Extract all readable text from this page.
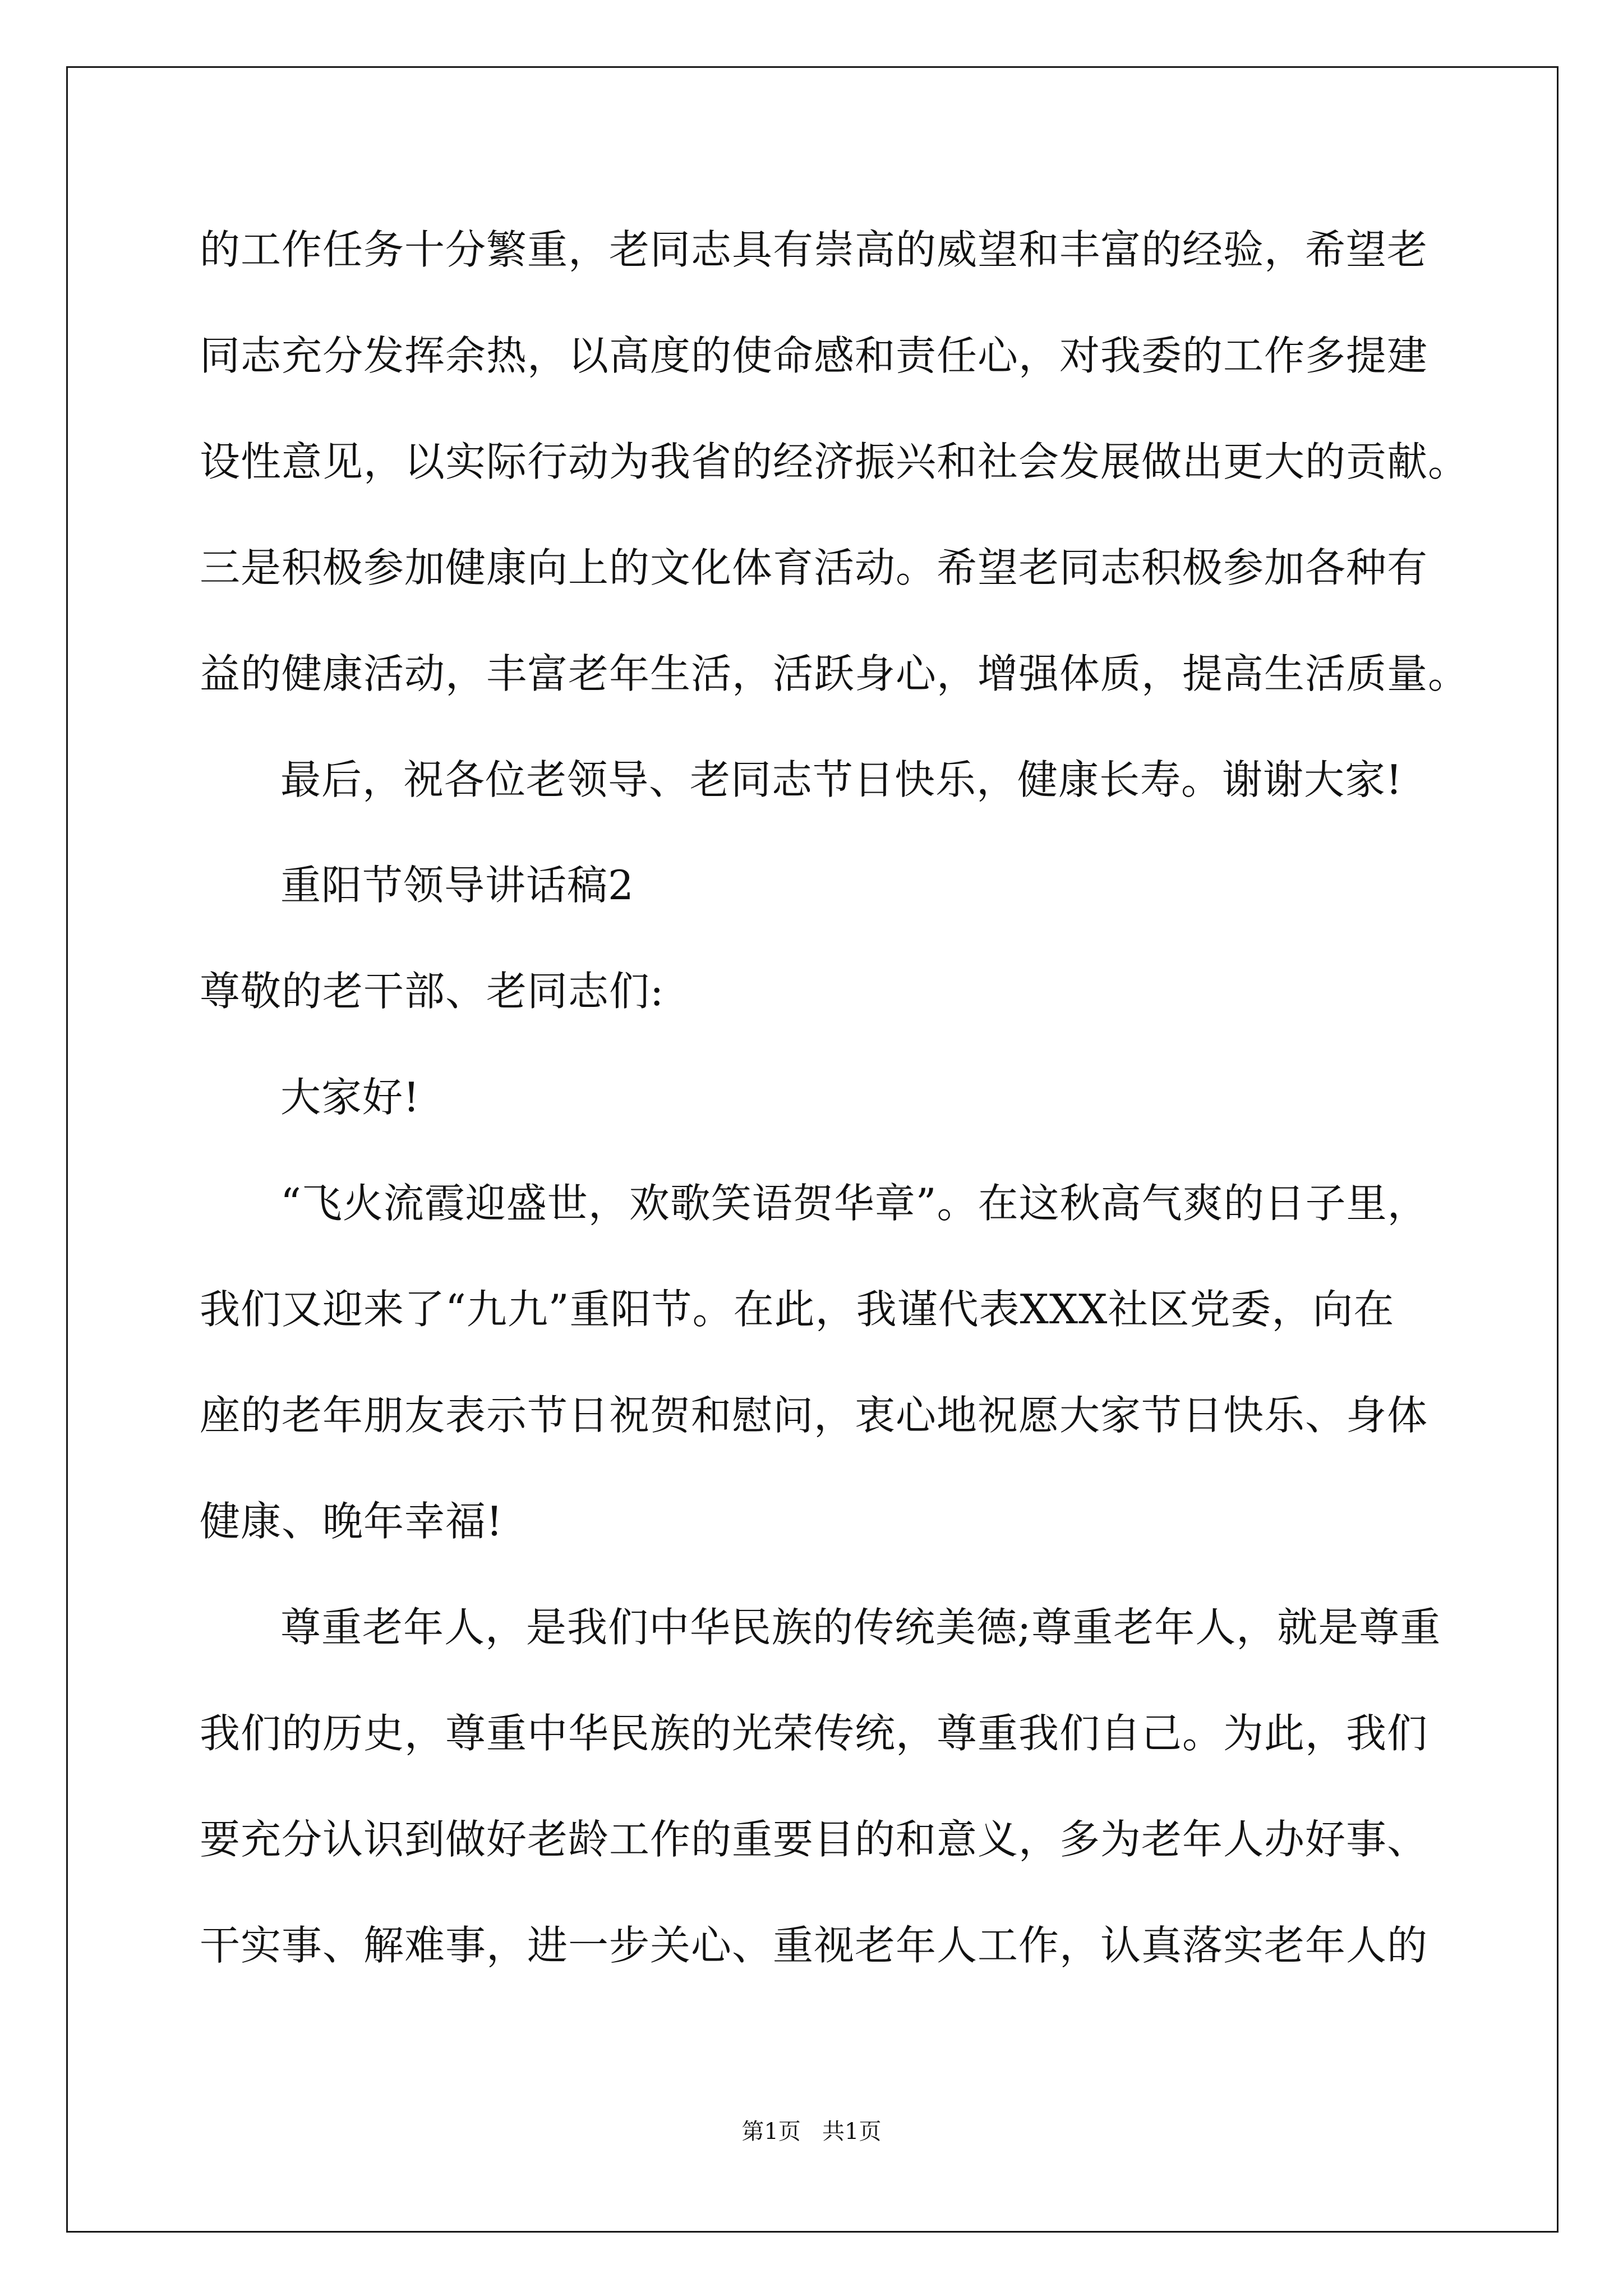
的工作任务十分繁重，老同志具有崇高的威望和丰富的经验，希望老
同志充分发挥余热，以高度的使命感和责任心，对我委的工作多提建
设性意见，以实际行动为我省的经济振兴和社会发展做出更大的贡献。
三是积极参加健康向上的文化体育活动。希望老同志积极参加各种有
益的健康活动，丰富老年生活，活跃身心，增强体质，提高生活质量。
最后，祝各位老领导、老同志节日快乐，健康长寿。谢谢大家!
重阳节领导讲话稿2
尊敬的老干部、老同志们:
大家好!
“飞火流霞迎盛世，欢歌笑语贺华章”。在这秋高气爽的日子里，
我们又迎来了“九九”重阳节。在此，我谨代表XXX社区党委，向在
座的老年朋友表示节日祝贺和慰问，衷心地祝愿大家节日快乐、身体
健康、晚年幸福!
尊重老年人，是我们中华民族的传统美德;尊重老年人，就是尊重
我们的历史，尊重中华民族的光荣传统，尊重我们自己。为此，我们
要充分认识到做好老龄工作的重要目的和意义，多为老年人办好事、
干实事、解难事，进一步关心、重视老年人工作，认真落实老年人的
第1页   共1页
